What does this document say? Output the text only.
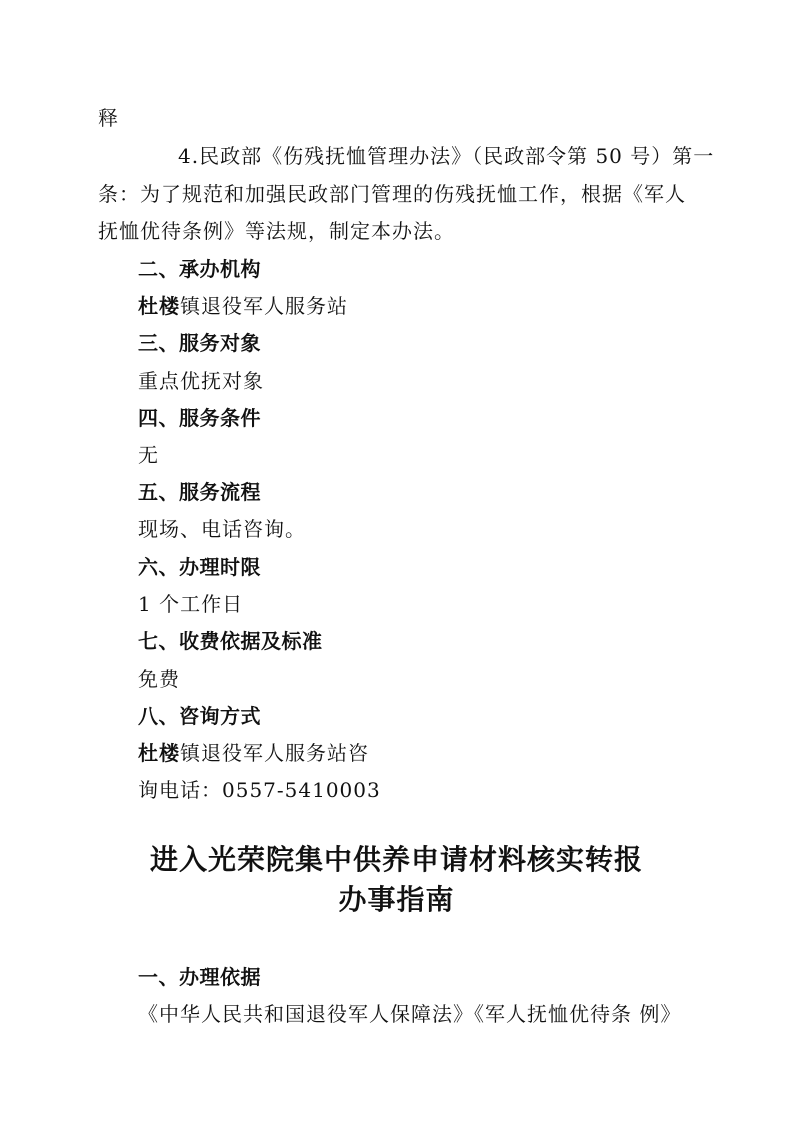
释
4.民政部《伤残抚恤管理办法》（民政部令第 50 号）第一
条：为了规范和加强民政部门管理的伤残抚恤工作，根据《军人
抚恤优待条例》等法规，制定本办法。
二、承办机构
杜楼镇退役军人服务站
三、服务对象
重点优抚对象
四、服务条件
无
五、服务流程
现场、电话咨询。
六、办理时限
1 个工作日
七、收费依据及标准
免费
八、咨询方式
杜楼镇退役军人服务站咨
询电话：0557-5410003
进入光荣院集中供养申请材料核实转报
办事指南
一、办理依据
《中华人民共和国退役军人保障法》《军人抚恤优待条 例》
